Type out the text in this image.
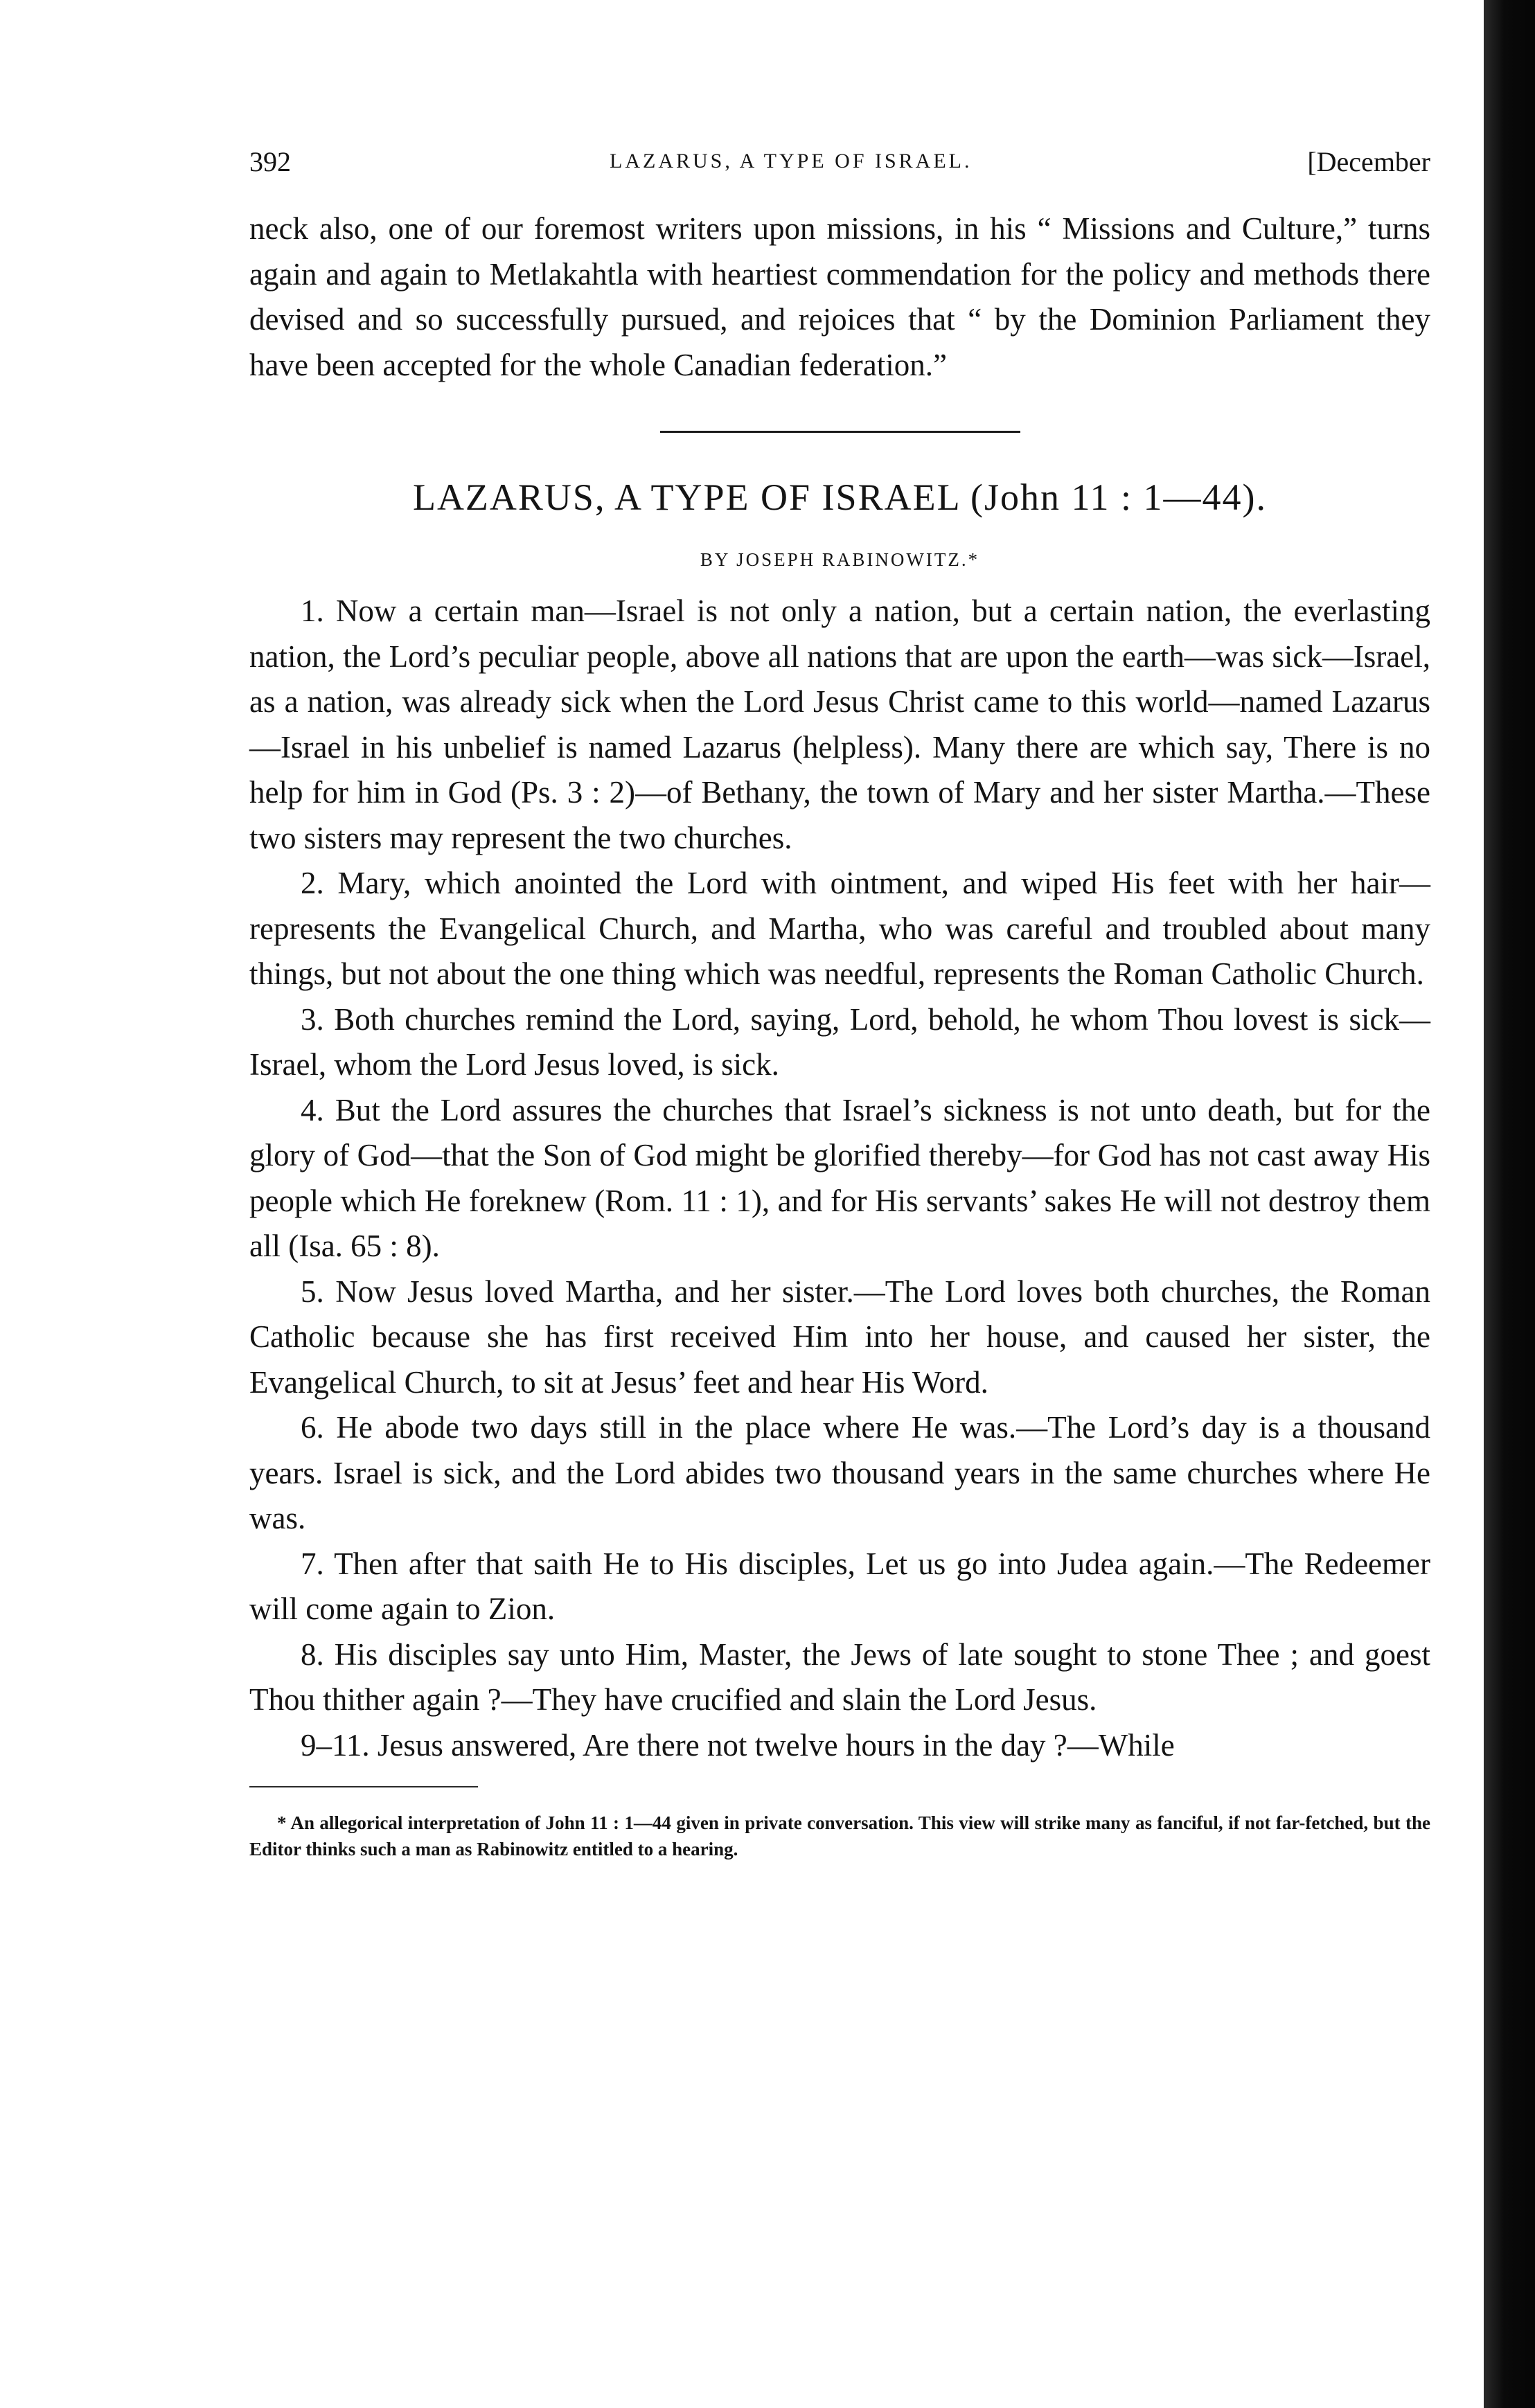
392	LAZARUS, A TYPE OF ISRAEL.	[December

neck also, one of our foremost writers upon missions, in his “ Missions and Culture,” turns again and again to Metlakahtla with heartiest commendation for the policy and methods there devised and so successfully pursued, and rejoices that “ by the Dominion Parliament they have been accepted for the whole Canadian federation.”

LAZARUS, A TYPE OF ISRAEL (John 11 : 1—44).
BY JOSEPH RABINOWITZ.*

1. Now a certain man—Israel is not only a nation, but a certain nation, the everlasting nation, the Lord’s peculiar people, above all nations that are upon the earth—was sick—Israel, as a nation, was already sick when the Lord Jesus Christ came to this world—named Lazarus—Israel in his unbelief is named Lazarus (helpless). Many there are which say, There is no help for him in God (Ps. 3 : 2)—of Bethany, the town of Mary and her sister Martha.—These two sisters may represent the two churches.

2. Mary, which anointed the Lord with ointment, and wiped His feet with her hair—represents the Evangelical Church, and Martha, who was careful and troubled about many things, but not about the one thing which was needful, represents the Roman Catholic Church.

3. Both churches remind the Lord, saying, Lord, behold, he whom Thou lovest is sick—Israel, whom the Lord Jesus loved, is sick.

4. But the Lord assures the churches that Israel’s sickness is not unto death, but for the glory of God—that the Son of God might be glorified thereby—for God has not cast away His people which He foreknew (Rom. 11 : 1), and for His servants’ sakes He will not destroy them all (Isa. 65 : 8).

5. Now Jesus loved Martha, and her sister.—The Lord loves both churches, the Roman Catholic because she has first received Him into her house, and caused her sister, the Evangelical Church, to sit at Jesus’ feet and hear His Word.

6. He abode two days still in the place where He was.—The Lord’s day is a thousand years. Israel is sick, and the Lord abides two thousand years in the same churches where He was.

7. Then after that saith He to His disciples, Let us go into Judea again.—The Redeemer will come again to Zion.

8. His disciples say unto Him, Master, the Jews of late sought to stone Thee ; and goest Thou thither again ?—They have crucified and slain the Lord Jesus.

9–11. Jesus answered, Are there not twelve hours in the day ?—While

* An allegorical interpretation of John 11 : 1—44 given in private conversation. This view will strike many as fanciful, if not far-fetched, but the Editor thinks such a man as Rabinowitz entitled to a hearing.
